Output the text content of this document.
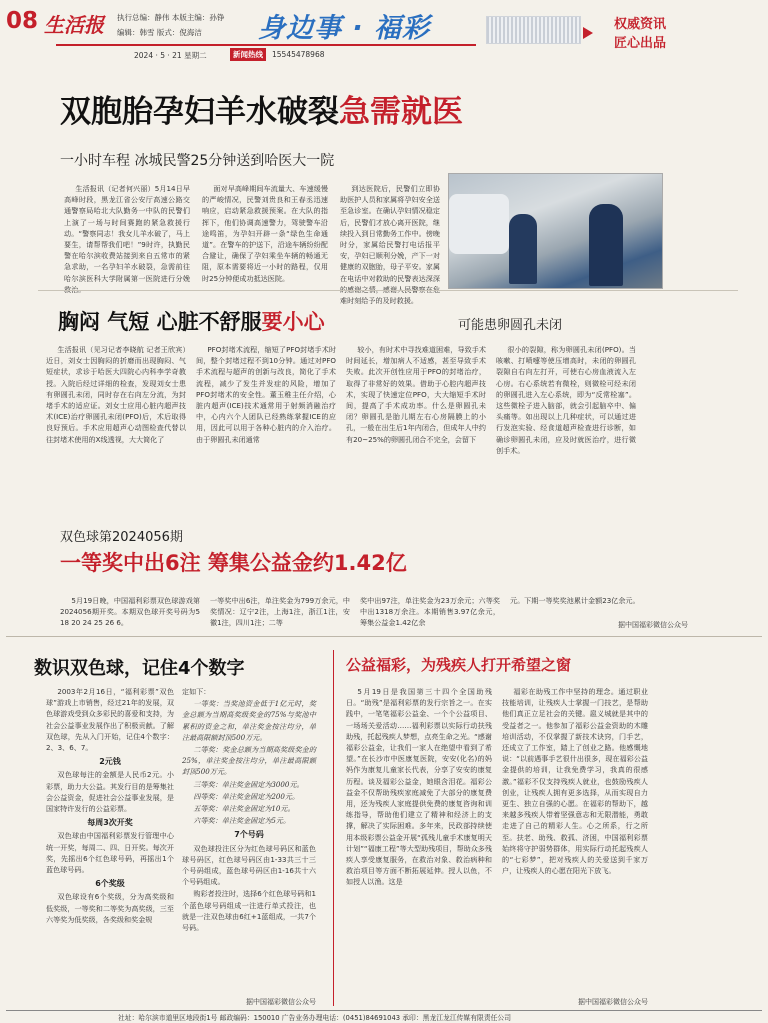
08 生活报 执行总编：静伟 本版主编：孙铮
编辑：韩雪 版式：倪海洁 身边事 · 福彩	权威资讯
匠心出品
2024 · 5 · 21 星期二	新闻热线	15545478968
双胞胎孕妇羊水破裂急需就医
一小时车程 冰城民警25分钟送到哈医大一院

生活报讯（记者何兴丽）5月14日早高峰时段，黑龙江省公安厅高速公路交通警察局哈北大队勤务一中队的民警们上演了一场与时间赛跑的紧急救援行动。“警察同志！我女儿羊水破了，马上要生，请帮帮我们吧！”9时许，执勤民警在哈尔滨收费站接到来自五常市的紧急求助，一名孕妇羊水破裂，急需前往哈尔滨医科大学附属第一医院进行分娩

面对早高峰期间车流量大、车速缓慢的严峻情况，民警刘贵良和王春丞迅速响应，启动紧急救援预案。在大队的指挥下，他们协调高速警力，驾驶警车沿途鸣笛，为孕妇开辟一条“绿色生命通道”。在警车的护送下，沿途车辆纷纷配合避让，确保了孕妇乘坐车辆的畅通无阻，原本需要将近一小时的路程，仅用时25分钟便成功抵达医院。

到达医院后，民警们立即协助医护人员和家属将孕妇安全送至急诊室。在确认孕妇情况稳定后，民警们才放心离开医院，继续投入到日常勤务工作中。傍晚时分，家属给民警打电话报平安，孕妇已顺利分娩，产下一对健康的双胞胎，母子平安。家属在电话中对救助的民警表达深深 难时刻给予的及时救援。

胸闷 气短 心脏不舒服要小心	可能患卵圆孔未闭

生活报讯（见习记者李晓航 记者王欣宾）近日，刘女士因胸闷的折磨而出现胸闷、气短症状，求诊于哈医大四院心内科李学奇教授。入院后经过详细的检查，发现刘女士患有卵圆孔未闭，同时存在右向左分流，为封堵手术的适应证。刘女士应用心脏内超声技术(ICE)治疗卵圆孔未闭(PFO)后，术后取得良好预后。手术应用超声心动图检查代替以往封堵术使用的X线透视，大大简化了

PFO封堵术流程，缩短了PFO封堵手术时间，整个封堵过程不到10分钟。通过对PFO手术流程与超声的创新与改良，简化了手术流程，减少了发生并发症的风险，增加了PFO封堵术的安全性。董玉稚主任介绍，心脏内超声(ICE)技术通常用于射频消融治疗中，心内六个人团队已经熟练掌握ICE的应用，因此可以用于各种心脏内的介入治疗。由于卵圆孔未闭通常

较小，有时术中寻找难道困难，导致手术时间延长，增加病人不适感，甚至导致手术失败。此次开创性应用于PFO的封堵治疗，取得了非常好的效果。借助于心腔内超声技术，实现了快速定位PFO，大大缩短手术时间，提高了手术成功率。什么是卵圆孔未闭？卵圆孔是胎儿期左右心房隔膜上的小孔，一般在出生后1年内闭合，但成年人中约有20~25%的卵圆孔闭合不完全，会留下

很小的裂隙，称为卵圆孔未闭(PFO)。当咳嗽、打喷嚏等使压增高时，未闭的卵圆孔裂隙自右向左打开，可使右心房血液流入左心房。右心系统若有微栓，则微栓可经未闭的卵圆孔进入左心系统，即为“反常栓塞”。这些微栓子进入脑部，就会引起脑卒中、偏头痛等。如出现以上几种症状，可以通过进行发泡实验、经食道超声检查进行诊断，如确诊卵圆孔未闭，应及时就医治疗，进行微创手术。

双色球第2024056期
一等奖中出6注 筹集公益金约1.42亿

5月19日晚，中国福利彩票双色球游戏第2024056期开奖。本期双色球开奖号码为5 18 20 24 25 26 6。

一等奖中出6注，单注奖金为799万余元，中奖情况：辽宁2注，上海1注，浙江1注，安徽1注，四川1注；二等

奖中出97注，单注奖金为23万余元；六等奖中出1318万余注。本期销售3.97亿余元，筹集公益金1.42亿余

元。下期一等奖奖池累计金额23亿余元。

据中国福彩微信公众号
数识双色球，记住4个数字

2003年2月16日，“福利彩票”双色球”游戏上市销售，经过21年的发展，双色球游戏受到众多彩民的喜爱和支持，为社会公益事业发展作出了积极贡献。了解双色球，先从入门开始，记住4个数字：2、3、6、7。

2元钱

双色球每注的金额是人民币2元。小彩票，助力大公益。其发行目的是筹集社会公益资金，促进社会公益事业发展，是国家特许发行的公益彩票。

每周3次开奖

双色球由中国福利彩票发行管理中心统一开奖，每周二、四、日开奖。每次开奖，先摇出6个红色球号码，再摇出1个蓝色球号码。

6个奖级

双色球设有6个奖级，分为高奖级和低奖级，一等奖和二等奖为高奖级，三至六等奖为低奖级，各奖级和奖金规

定如下：

一等奖：当奖池资金低于1亿元时，奖金总额为当期高奖级奖金的75%与奖池中累积的资金之和，单注奖金按注均分，单注最高限额封顶500万元。

二等奖：奖金总额为当期高奖级奖金的25%，单注奖金按注均分，单注最高限额封顶500万元。

三等奖：单注奖金固定为3000元。

四等奖：单注奖金固定为200元。

五等奖：单注奖金固定为10元。

六等奖：单注奖金固定为5元。

7个号码

双色球投注区分为红色球号码区和蓝色球号码区，红色球号码区由1-33共三十三个号码组成，蓝色球号码区由1-16共十六个号码组成。

购彩者投注时，选择6个红色球号码和1个蓝色球号码组成一注进行单式投注，也就是一注双色球由6红+1蓝组成，一共7个号码。

据中国福彩微信公众号
公益福彩，为残疾人打开希望之窗

5月19日是我国第三十四个全国助残日。“助残”是福利彩票的发行宗旨之一。在实践中，一笔笔福彩公益金、一个个公益项目、一场场关爱活动……福利彩票以实际行动扶残助残，托起残疾人梦想，点亮生命之光。“感谢福彩公益金，让我们一家人在绝望中看到了希望。”在长沙市中医康复医院，安安(化名)的妈妈作为康复儿童家长代表，分享了安安的康复历程。谈及福彩公益金，她眼含泪花。福彩公益金不仅帮助残疾家庭减免了大部分的康复费用，还为残疾人家庭提供免费的康复咨询和训练指导，帮助他们建立了精神和经济上的支撑，解决了实际困难。多年来，民政部持续使用本级彩票公益金开展“孤残儿童手术康复明天计划”“福康工程”等大型助残项目，帮助众多残疾人享受康复服务，在救治对象、救治病种和救治项目等方面不断拓展延伸。授人以鱼，不如授人以渔。这是

福彩在助残工作中坚持的理念。通过职业技能培训，让残疾人士掌握一门技艺，是帮助他们真正立足社会的关键。扈义城就是其中的受益者之一。他参加了福彩公益金资助的木雕培训活动，不仅掌握了新技术诀窍，门手艺，还成立了工作室，踏上了创业之路。他感慨地说：“以前遇事手艺很什出很多，现在福彩公益金提供的培训，让我免费学习，我真的很感激。”福彩不仅支持残疾人就业，也鼓励残疾人创业，让残疾人拥有更多选择，从而实现自力更生、独立自强的心愿。在福彩的帮助下，越来越多残疾人带着坚强意志和无限潜能，勇敢走进了自己的精彩人生。心之所系，行之所至。扶老、助残、救孤、济困，中国福利彩票始终将守护弱势群体，用实际行动托起残疾人的“七彩梦”，把对残疾人的关爱送到千家万户，让残疾人的心愿在阳光下放飞。

据中国福彩微信公众号
社址：哈尔滨市道里区地段街1号 邮政编码：150010 广告业务办理电话：(0451)84691043 承印：黑龙江龙江传媒有限责任公司
